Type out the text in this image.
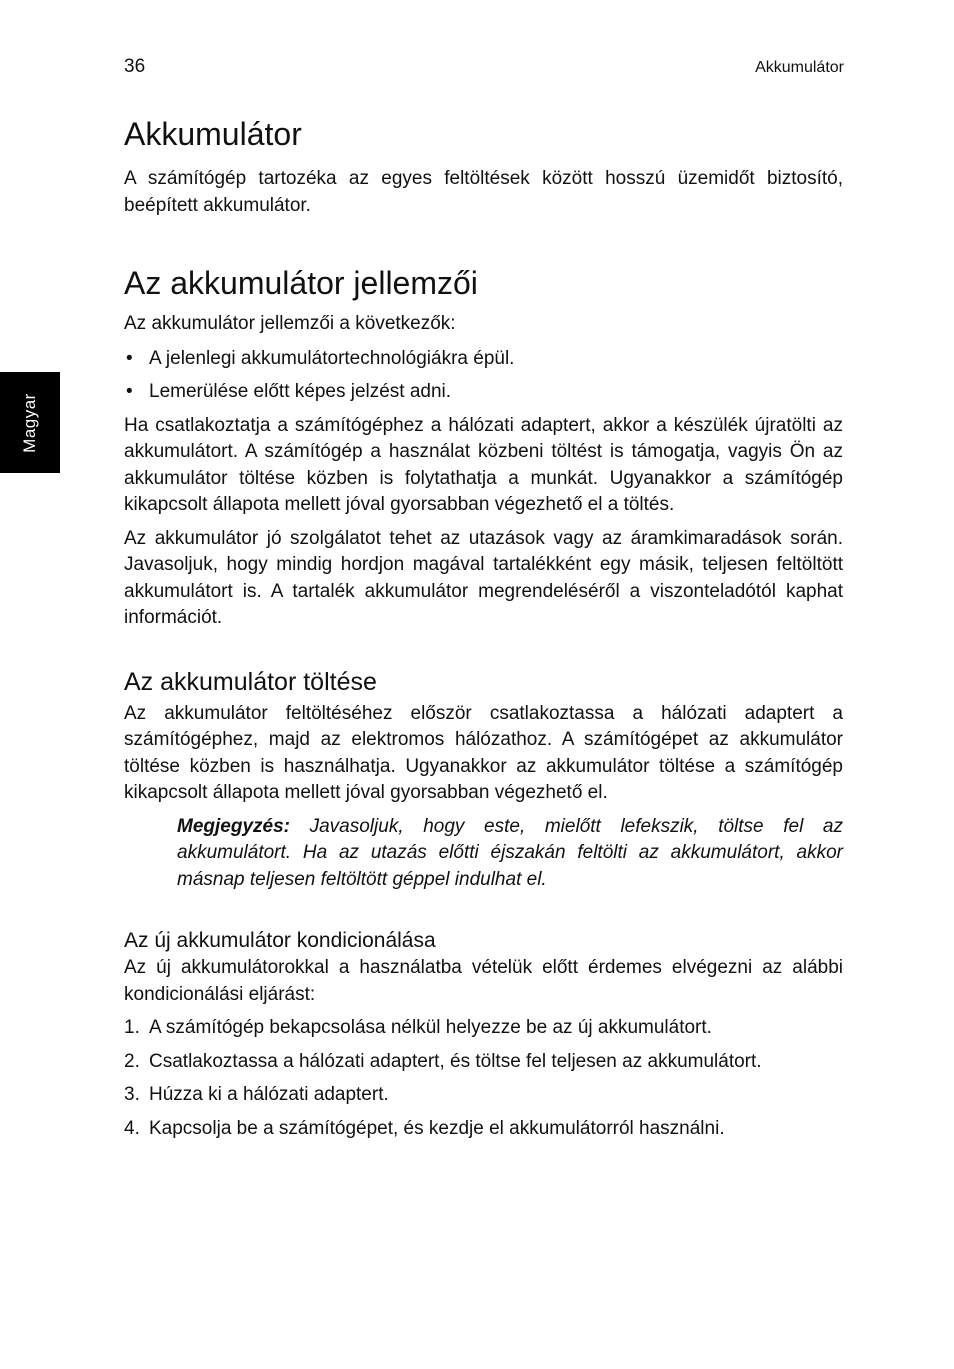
36	Akkumulátor
Magyar
Akkumulátor

A számítógép tartozéka az egyes feltöltések között hosszú üzemidőt biztosító, beépített akkumulátor.

Az akkumulátor jellemzői

Az akkumulátor jellemzői a következők:

• A jelenlegi akkumulátortechnológiákra épül.
• Lemerülése előtt képes jelzést adni.

Ha csatlakoztatja a számítógéphez a hálózati adaptert, akkor a készülék újratölti az akkumulátort. A számítógép a használat közbeni töltést is támogatja, vagyis Ön az akkumulátor töltése közben is folytathatja a munkát. Ugyanakkor a számítógép kikapcsolt állapota mellett jóval gyorsabban végezhető el a töltés.

Az akkumulátor jó szolgálatot tehet az utazások vagy az áramkimaradások során. Javasoljuk, hogy mindig hordjon magával tartalékként egy másik, teljesen feltöltött akkumulátort is. A tartalék akkumulátor megrendeléséről a viszonteladótól kaphat információt.

Az akkumulátor töltése

Az akkumulátor feltöltéséhez először csatlakoztassa a hálózati adaptert a számítógéphez, majd az elektromos hálózathoz. A számítógépet az akkumulátor töltése közben is használhatja. Ugyanakkor az akkumulátor töltése a számítógép kikapcsolt állapota mellett jóval gyorsabban végezhető el.

Megjegyzés: Javasoljuk, hogy este, mielőtt lefekszik, töltse fel az akkumulátort. Ha az utazás előtti éjszakán feltölti az akkumulátort, akkor másnap teljesen feltöltött géppel indulhat el.
Az új akkumulátor kondicionálása

Az új akkumulátorokkal a használatba vételük előtt érdemes elvégezni az alábbi kondicionálási eljárást:

1. A számítógép bekapcsolása nélkül helyezze be az új akkumulátort.
2. Csatlakoztassa a hálózati adaptert, és töltse fel teljesen az akkumulátort.
3. Húzza ki a hálózati adaptert.
4. Kapcsolja be a számítógépet, és kezdje el akkumulátorról használni.
